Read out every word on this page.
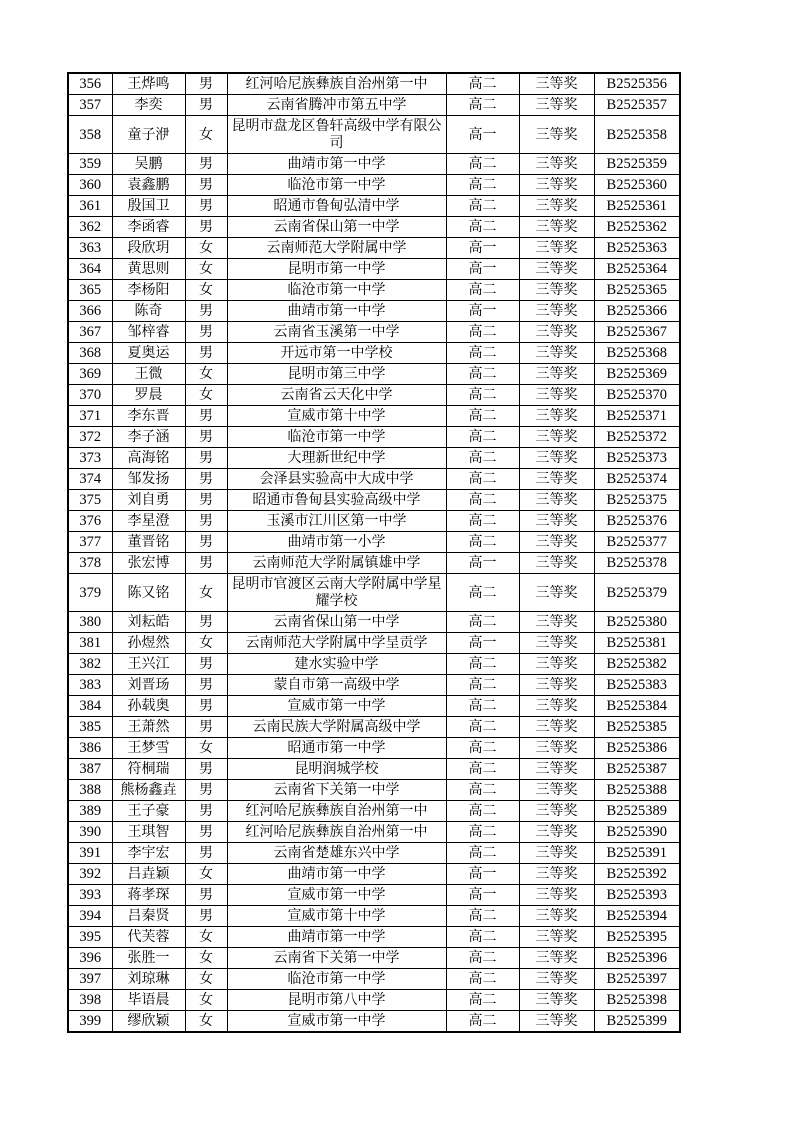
356	王烨鸣	男	红河哈尼族彝族自治州第一中	高二	三等奖	B2525356
357	李奕	男	云南省腾冲市第五中学	高二	三等奖	B2525357
358	童子洢	女	昆明市盘龙区鲁轩高级中学有限公司	高一	三等奖	B2525358
359	吴鹏	男	曲靖市第一中学	高二	三等奖	B2525359
360	袁鑫鹏	男	临沧市第一中学	高二	三等奖	B2525360
361	殷国卫	男	昭通市鲁甸弘清中学	高二	三等奖	B2525361
362	李函睿	男	云南省保山第一中学	高二	三等奖	B2525362
363	段欣玥	女	云南师范大学附属中学	高一	三等奖	B2525363
364	黄思则	女	昆明市第一中学	高一	三等奖	B2525364
365	李杨阳	女	临沧市第一中学	高二	三等奖	B2525365
366	陈奇	男	曲靖市第一中学	高一	三等奖	B2525366
367	邹梓睿	男	云南省玉溪第一中学	高二	三等奖	B2525367
368	夏奥运	男	开远市第一中学校	高二	三等奖	B2525368
369	王微	女	昆明市第三中学	高二	三等奖	B2525369
370	罗晨	女	云南省云天化中学	高二	三等奖	B2525370
371	李东晋	男	宣威市第十中学	高二	三等奖	B2525371
372	李子涵	男	临沧市第一中学	高二	三等奖	B2525372
373	高海铭	男	大理新世纪中学	高二	三等奖	B2525373
374	邹发扬	男	会泽县实验高中大成中学	高二	三等奖	B2525374
375	刘自勇	男	昭通市鲁甸县实验高级中学	高二	三等奖	B2525375
376	李星澄	男	玉溪市江川区第一中学	高二	三等奖	B2525376
377	董晋铭	男	曲靖市第一小学	高二	三等奖	B2525377
378	张宏博	男	云南师范大学附属镇雄中学	高一	三等奖	B2525378
379	陈又铭	女	昆明市官渡区云南大学附属中学星耀学校	高二	三等奖	B2525379
380	刘耘皓	男	云南省保山第一中学	高二	三等奖	B2525380
381	孙煜然	女	云南师范大学附属中学呈贡学	高一	三等奖	B2525381
382	王兴江	男	建水实验中学	高二	三等奖	B2525382
383	刘晋玚	男	蒙自市第一高级中学	高二	三等奖	B2525383
384	孙载奥	男	宣威市第一中学	高二	三等奖	B2525384
385	王萧然	男	云南民族大学附属高级中学	高二	三等奖	B2525385
386	王梦雪	女	昭通市第一中学	高二	三等奖	B2525386
387	符桐瑞	男	昆明润城学校	高二	三等奖	B2525387
388	熊杨鑫垚	男	云南省下关第一中学	高二	三等奖	B2525388
389	王子豪	男	红河哈尼族彝族自治州第一中	高二	三等奖	B2525389
390	王琪智	男	红河哈尼族彝族自治州第一中	高二	三等奖	B2525390
391	李宇宏	男	云南省楚雄东兴中学	高二	三等奖	B2525391
392	吕垚颖	女	曲靖市第一中学	高一	三等奖	B2525392
393	蒋孝琛	男	宣威市第一中学	高一	三等奖	B2525393
394	吕秦贤	男	宣威市第十中学	高二	三等奖	B2525394
395	代芙蓉	女	曲靖市第一中学	高二	三等奖	B2525395
396	张胜一	女	云南省下关第一中学	高二	三等奖	B2525396
397	刘琼琳	女	临沧市第一中学	高二	三等奖	B2525397
398	毕语晨	女	昆明市第八中学	高二	三等奖	B2525398
399	缪欣颖	女	宣威市第一中学	高二	三等奖	B2525399
